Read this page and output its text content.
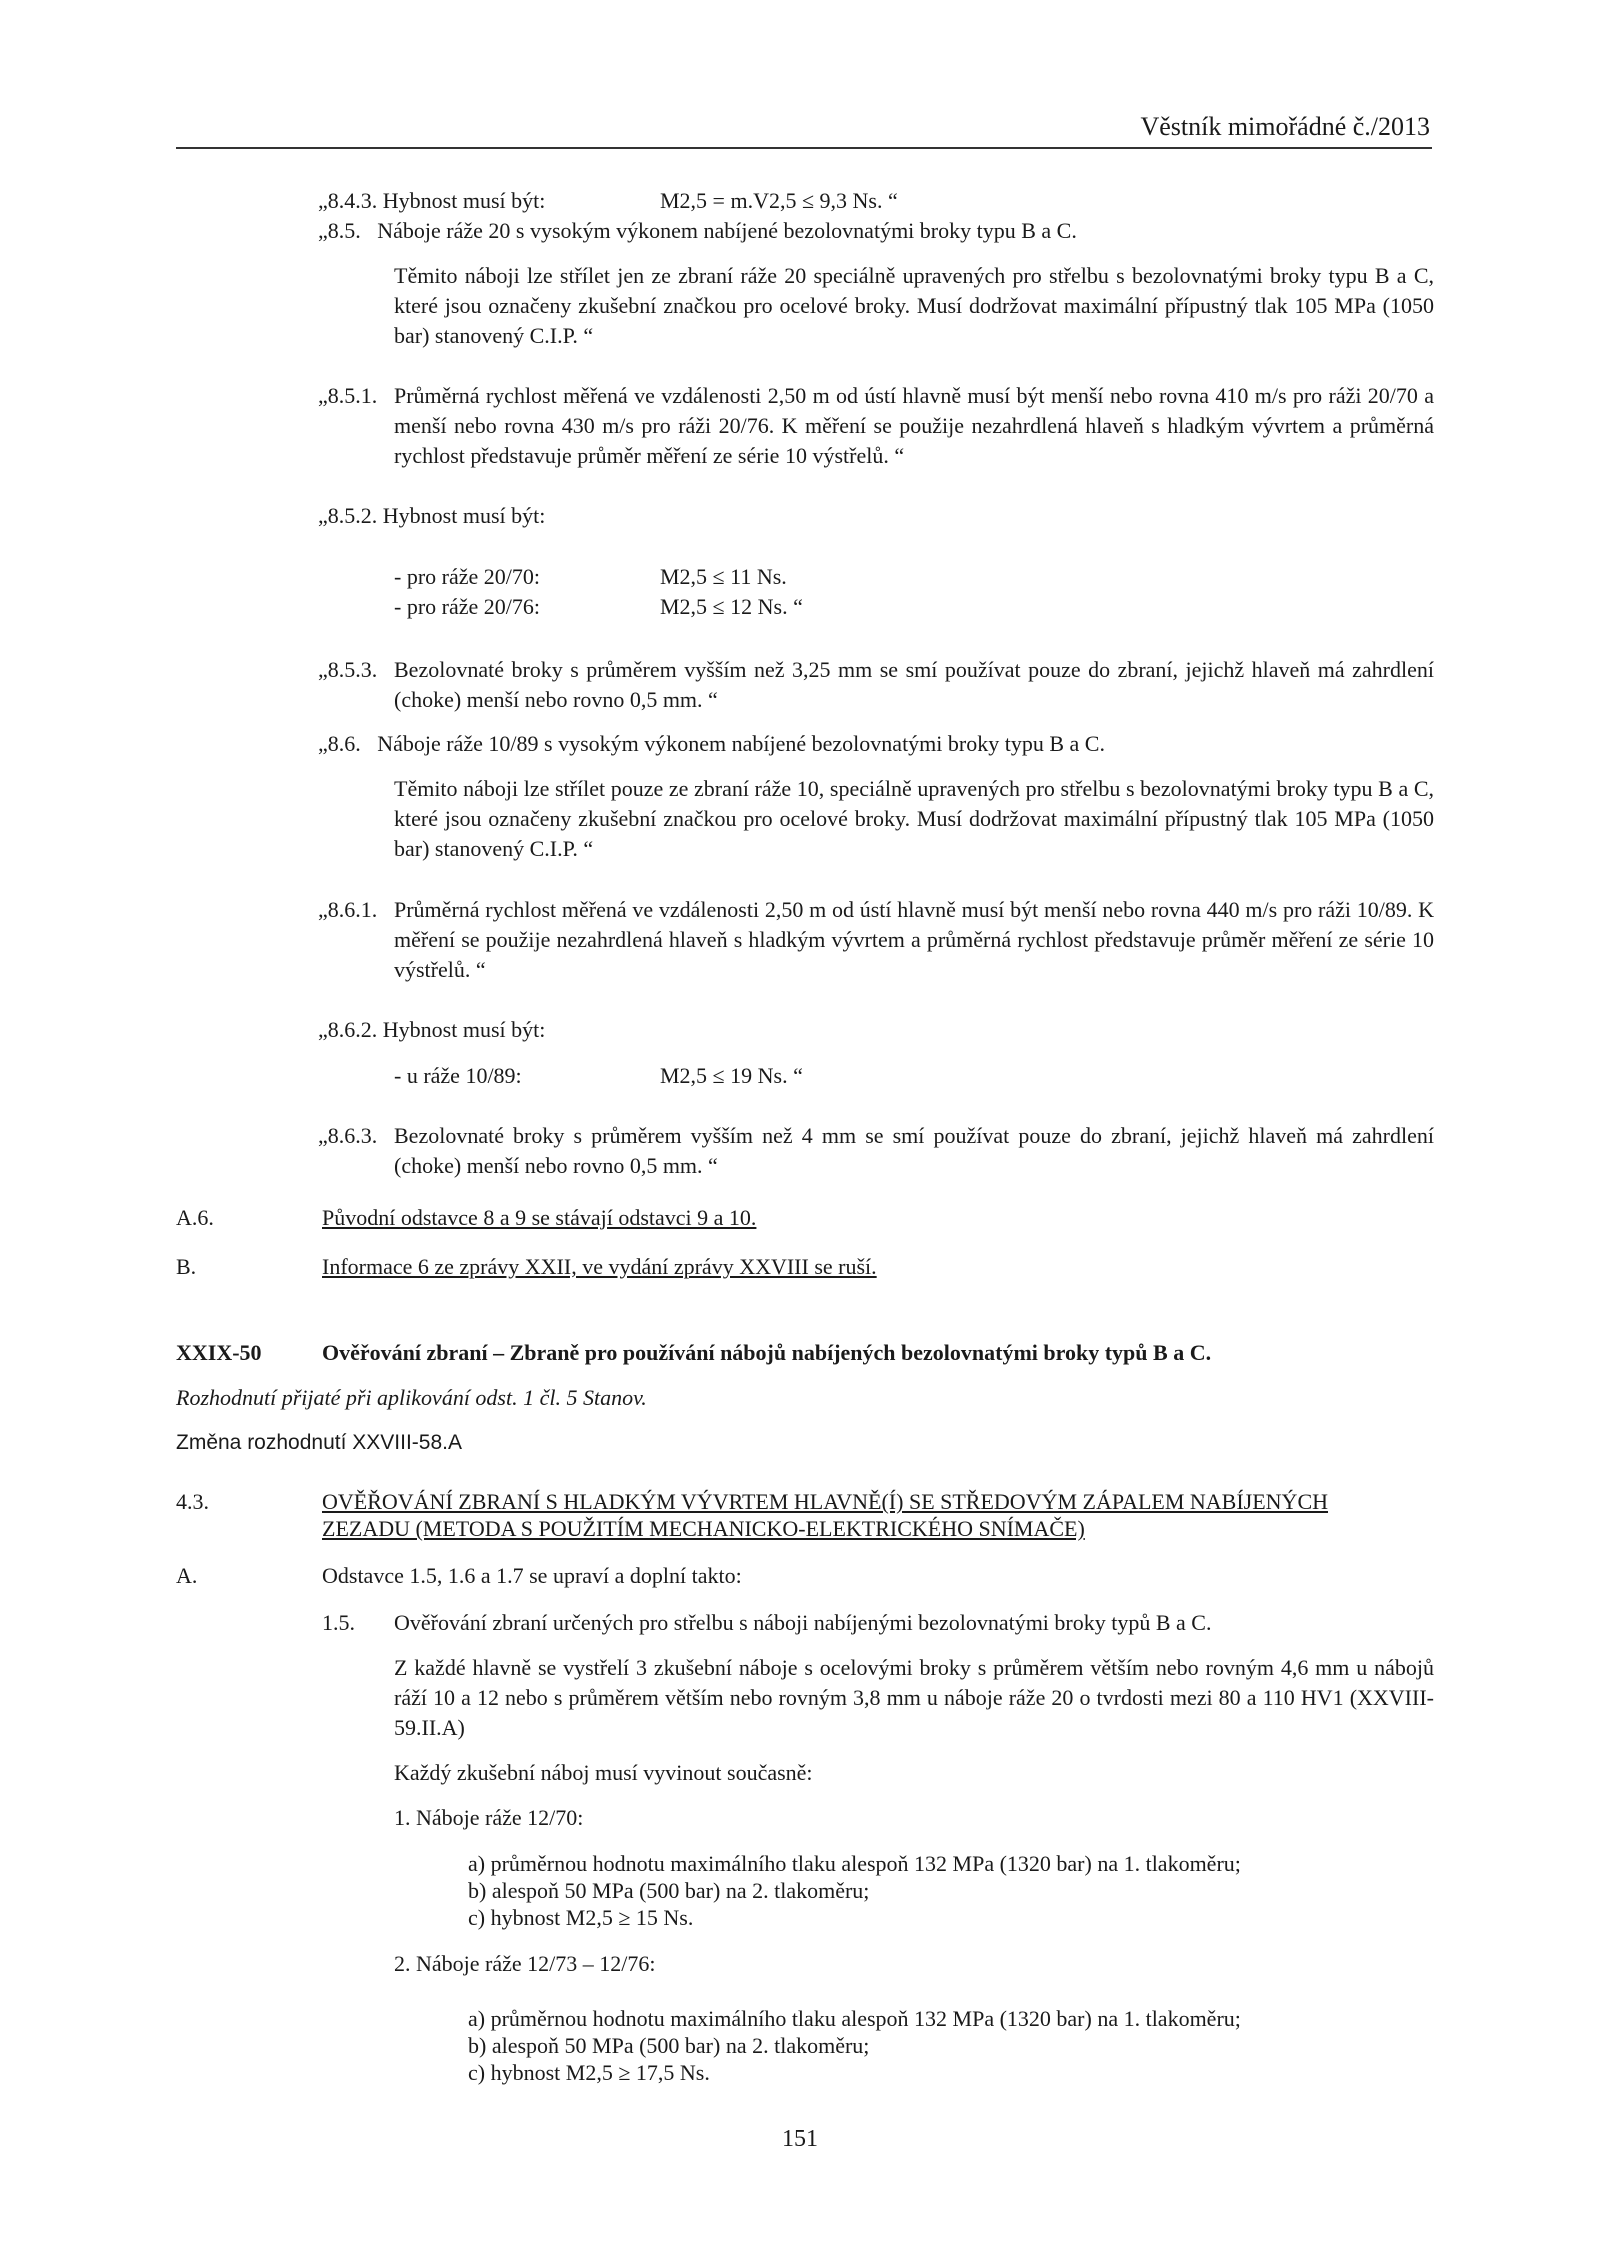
Věstník mimořádné č./2013
„8.4.3. Hybnost musí být:	M2,5 = m.V2,5 ≤ 9,3 Ns. “
„8.5.   Náboje ráže 20 s vysokým výkonem nabíjené bezolovnatými broky typu B a C.
Těmito náboji lze střílet jen ze zbraní ráže 20 speciálně upravených pro střelbu s bezolovnatými broky typu B a C, které jsou označeny zkušební značkou pro ocelové broky. Musí dodržovat maximální přípustný tlak 105 MPa (1050 bar) stanovený C.I.P. “
„8.5.1. Průměrná rychlost měřená ve vzdálenosti 2,50 m od ústí hlavně musí být menší nebo rovna 410 m/s pro ráži 20/70 a menší nebo rovna 430 m/s pro ráži 20/76. K měření se použije nezahrdlená hlaveň s hladkým vývrtem a průměrná rychlost představuje průměr měření ze série 10 výstřelů. “
„8.5.2. Hybnost musí být:
- pro ráže 20/70:	M2,5 ≤ 11 Ns.
- pro ráže 20/76:	M2,5 ≤ 12 Ns. “
„8.5.3. Bezolovnaté broky s průměrem vyšším než 3,25 mm se smí používat pouze do zbraní, jejichž hlaveň má zahrdlení (choke) menší nebo rovno 0,5 mm. “
„8.6.   Náboje ráže 10/89 s vysokým výkonem nabíjené bezolovnatými broky typu B a C.
Těmito náboji lze střílet pouze ze zbraní ráže 10, speciálně upravených pro střelbu s bezolovnatými broky typu B a C, které jsou označeny zkušební značkou pro ocelové broky. Musí dodržovat maximální přípustný tlak 105 MPa (1050 bar) stanovený C.I.P. “
„8.6.1. Průměrná rychlost měřená ve vzdálenosti 2,50 m od ústí hlavně musí být menší nebo rovna 440 m/s pro ráži 10/89. K měření se použije nezahrdlená hlaveň s hladkým vývrtem a průměrná rychlost představuje průměr měření ze série 10 výstřelů. “
„8.6.2. Hybnost musí být:
- u ráže 10/89:	M2,5 ≤ 19 Ns. “
„8.6.3. Bezolovnaté broky s průměrem vyšším než 4 mm se smí používat pouze do zbraní, jejichž hlaveň má zahrdlení (choke) menší nebo rovno 0,5 mm. “
A.6.	Původní odstavce 8 a 9 se stávají odstavci 9 a 10.
B.	Informace 6 ze zprávy XXII, ve vydání zprávy XXVIII se ruší.
XXIX-50	Ověřování zbraní – Zbraně pro používání nábojů nabíjených bezolovnatými broky typů B a C.
Rozhodnutí přijaté při aplikování odst. 1 čl. 5 Stanov.
Změna rozhodnutí XXVIII-58.A
4.3.	OVĚŘOVÁNÍ ZBRANÍ S HLADKÝM VÝVRTEM HLAVNĚ(Í) SE STŘEDOVÝM ZÁPALEM NABÍJENÝCH
ZEZADU (METODA S POUŽITÍM MECHANICKO-ELEKTRICKÉHO SNÍMAČE)
A.	Odstavce 1.5, 1.6 a 1.7 se upraví a doplní takto:
1.5. Ověřování zbraní určených pro střelbu s náboji nabíjenými bezolovnatými broky typů B a C.
Z každé hlavně se vystřelí 3 zkušební náboje s ocelovými broky s průměrem větším nebo rovným 4,6 mm u nábojů ráží 10 a 12 nebo s průměrem větším nebo rovným 3,8 mm u náboje ráže 20 o tvrdosti mezi 80 a 110 HV1 (XXVIII-59.II.A)
Každý zkušební náboj musí vyvinout současně:
1. Náboje ráže 12/70:
a) průměrnou hodnotu maximálního tlaku alespoň 132 MPa (1320 bar) na 1. tlakoměru;
b) alespoň 50 MPa (500 bar) na 2. tlakoměru;
c) hybnost M2,5 ≥ 15 Ns.
2. Náboje ráže 12/73 – 12/76:
a) průměrnou hodnotu maximálního tlaku alespoň 132 MPa (1320 bar) na 1. tlakoměru;
b) alespoň 50 MPa (500 bar) na 2. tlakoměru;
c) hybnost M2,5 ≥ 17,5 Ns.
151
